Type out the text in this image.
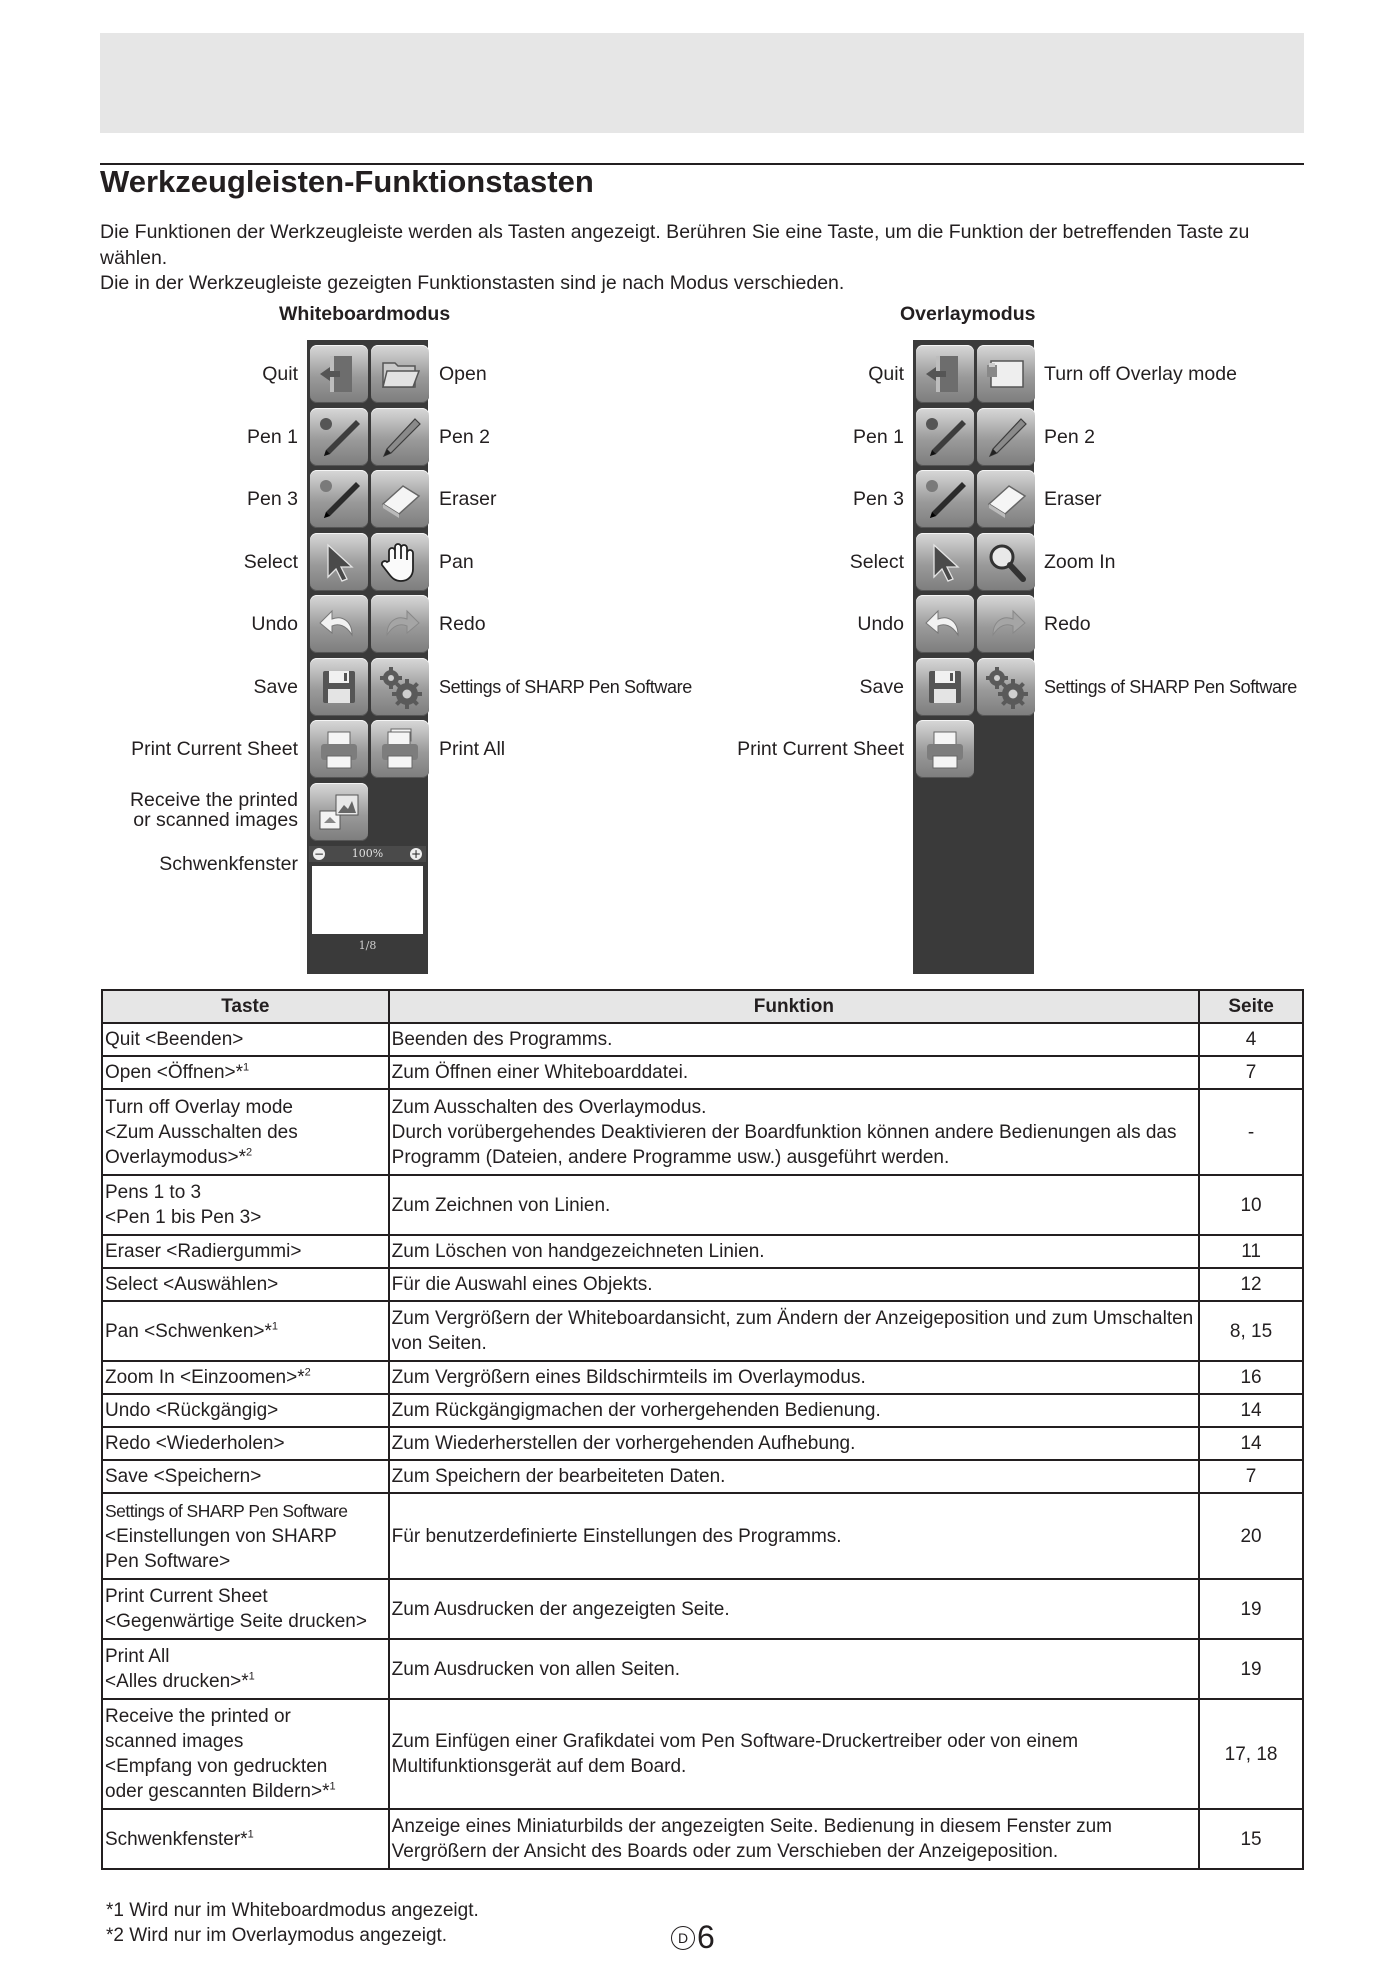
Werkzeugleisten-Funktionstasten

Die Funktionen der Werkzeugleiste werden als Tasten angezeigt. Berühren Sie eine Taste, um die Funktion der betreffenden Taste zu wählen.

Die in der Werkzeugleiste gezeigten Funktionstasten sind je nach Modus verschieden.

Whiteboardmodus	Overlaymodus
Quit
Pen 1
Pen 3
Select
Undo
Save
Print Current Sheet
Receive the printed
or scanned images
Schwenkfenster
Open
Pen 2
Eraser
Pan
Redo
Settings of SHARP Pen Software
Print All
−	100% +
1/8
Quit
Pen 1
Pen 3
Select
Undo
Save
Print Current Sheet
Turn off Overlay mode
Pen 2
Eraser
Zoom In
Redo
Settings of SHARP Pen Software
Taste	Funktion	Seite
Quit <Beenden>	Beenden des Programms.	4
Open <Öffnen>*$^1$	Zum Öffnen einer Whiteboarddatei.	7
Turn off Overlay mode
<Zum Ausschalten des
Overlaymodus>*$^2$	Zum Ausschalten des Overlaymodus.
Durch vorübergehendes Deaktivieren der Boardfunktion können andere Bedienungen als das Programm (Dateien, andere Programme usw.) ausgeführt werden.	-
Pens 1 to 3
<Pen 1 bis Pen 3>	Zum Zeichnen von Linien.	10
Eraser <Radiergummi>	Zum Löschen von handgezeichneten Linien.	11
Select <Auswählen>	Für die Auswahl eines Objekts.	12
Pan <Schwenken>*$^1$	Zum Vergrößern der Whiteboardansicht, zum Ändern der Anzeigeposition und zum Umschalten von Seiten.	8, 15
Zoom In <Einzoomen>*$^2$	Zum Vergrößern eines Bildschirmteils im Overlaymodus.	16
Undo <Rückgängig>	Zum Rückgängigmachen der vorhergehenden Bedienung.	14
Redo <Wiederholen>	Zum Wiederherstellen der vorhergehenden Aufhebung.	14
Save <Speichern>	Zum Speichern der bearbeiteten Daten.	7
Settings of SHARP Pen Software
<Einstellungen von SHARP
Pen Software>	Für benutzerdefinierte Einstellungen des Programms.	20
Print Current Sheet
<Gegenwärtige Seite drucken>	Zum Ausdrucken der angezeigten Seite.	19
Print All
<Alles drucken>*$^1$	Zum Ausdrucken von allen Seiten.	19
Receive the printed or
scanned images
<Empfang von gedruckten
oder gescannten Bildern>*$^1$	Zum Einfügen einer Grafikdatei vom Pen Software-Druckertreiber oder von einem Multifunktionsgerät auf dem Board.	17, 18
Schwenkfenster*$^1$	Anzeige eines Miniaturbilds der angezeigten Seite. Bedienung in diesem Fenster zum Vergrößern der Ansicht des Boards oder zum Verschieben der Anzeigeposition.	15
*1 Wird nur im Whiteboardmodus angezeigt.
*2 Wird nur im Overlaymodus angezeigt.	D 6
